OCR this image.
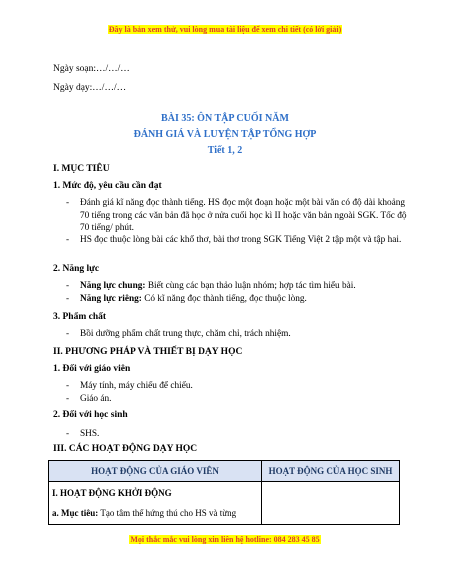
Đây là bản xem thử, vui lòng mua tài liệu để xem chi tiết (có lời giải)
Ngày soạn:…/…/…
Ngày dạy:…/…/…
BÀI 35: ÔN TẬP CUỐI NĂM
ĐÁNH GIÁ VÀ LUYỆN TẬP TỔNG HỢP
Tiết 1, 2
I. MỤC TIÊU
1. Mức độ, yêu cầu cần đạt
- Đánh giá kĩ năng đọc thành tiếng. HS đọc một đoạn hoặc một bài văn có độ dài khoảng 70 tiếng trong các văn bản đã học ở nửa cuối học kì II hoặc văn bản ngoài SGK. Tốc độ 70 tiếng/ phút.
- HS đọc thuộc lòng bài các khổ thơ, bài thơ trong SGK Tiếng Việt 2 tập một và tập hai.
2. Năng lực
- Năng lực chung: Biết cùng các bạn thảo luận nhóm; hợp tác tìm hiểu bài.
- Năng lực riêng: Có kĩ năng đọc thành tiếng, đọc thuộc lòng.
3. Phẩm chất
- Bồi dưỡng phẩm chất trung thực, chăm chỉ, trách nhiệm.
II. PHƯƠNG PHÁP VÀ THIẾT BỊ DẠY HỌC
1. Đối với giáo viên
- Máy tính, máy chiếu để chiếu.
- Giáo án.
2. Đối với học sinh
- SHS.
III. CÁC HOẠT ĐỘNG DẠY HỌC
HOẠT ĐỘNG CỦA GIÁO VIÊN	HOẠT ĐỘNG CỦA HỌC SINH

I. HOẠT ĐỘNG KHỞI ĐỘNG
a. Mục tiêu: Tạo tâm thế hứng thú cho HS và từng	

Mọi thắc mắc vui lòng xin liên hệ hotline: 084 283 45 85
